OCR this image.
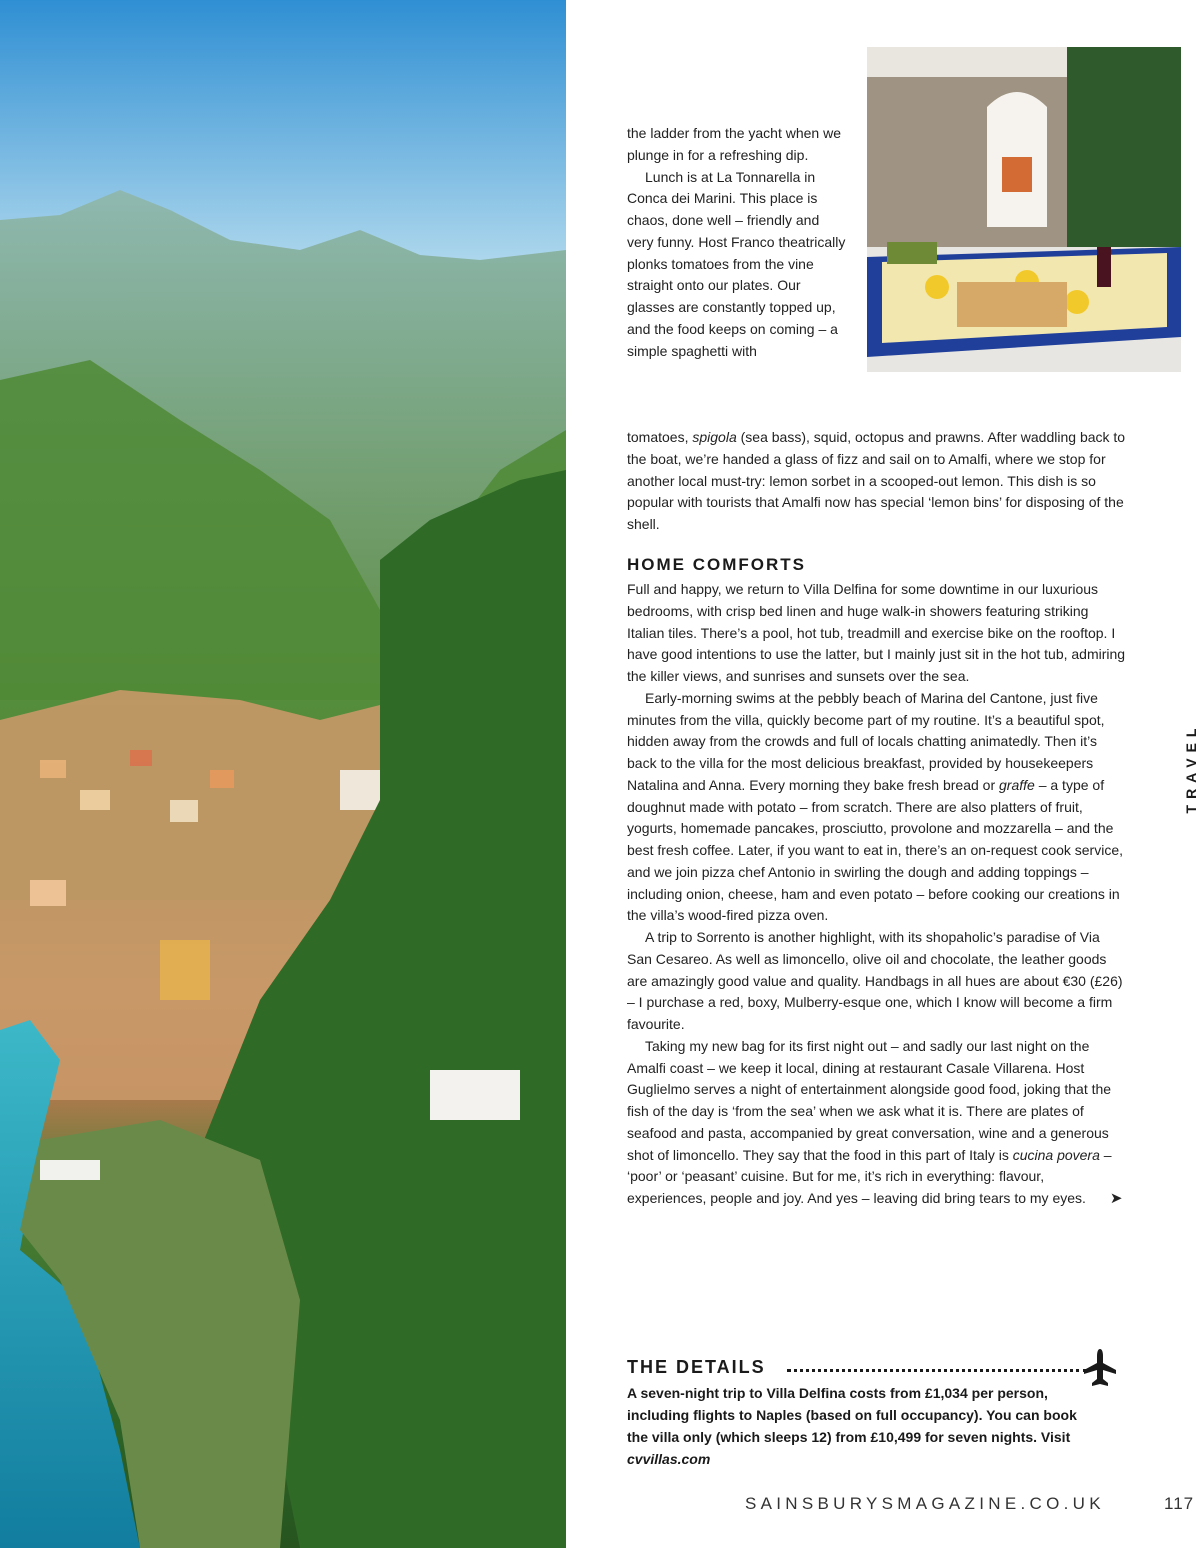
the ladder from the yacht when we plunge in for a refreshing dip.

Lunch is at La Tonnarella in Conca dei Marini. This place is chaos, done well – friendly and very funny. Host Franco theatrically plonks tomatoes from the vine straight onto our plates. Our glasses are constantly topped up, and the food keeps on coming – a simple spaghetti with

tomatoes, spigola (sea bass), squid, octopus and prawns. After waddling back to the boat, we’re handed a glass of fizz and sail on to Amalfi, where we stop for another local must-try: lemon sorbet in a scooped-out lemon. This dish is so popular with tourists that Amalfi now has special ‘lemon bins’ for disposing of the shell.

HOME COMFORTS

Full and happy, we return to Villa Delfina for some downtime in our luxurious bedrooms, with crisp bed linen and huge walk-in showers featuring striking Italian tiles. There’s a pool, hot tub, treadmill and exercise bike on the rooftop. I have good intentions to use the latter, but I mainly just sit in the hot tub, admiring the killer views, and sunrises and sunsets over the sea.

Early-morning swims at the pebbly beach of Marina del Cantone, just five minutes from the villa, quickly become part of my routine. It’s a beautiful spot, hidden away from the crowds and full of locals chatting animatedly. Then it’s back to the villa for the most delicious breakfast, provided by housekeepers Natalina and Anna. Every morning they bake fresh bread or graffe – a type of doughnut made with potato – from scratch. There are also platters of fruit, yogurts, homemade pancakes, prosciutto, provolone and mozzarella – and the best fresh coffee. Later, if you want to eat in, there’s an on-request cook service, and we join pizza chef Antonio in swirling the dough and adding toppings – including onion, cheese, ham and even potato – before cooking our creations in the villa’s wood-fired pizza oven.

A trip to Sorrento is another highlight, with its shopaholic’s paradise of Via San Cesareo. As well as limoncello, olive oil and chocolate, the leather goods are amazingly good value and quality. Handbags in all hues are about €30 (£26) – I purchase a red, boxy, Mulberry-esque one, which I know will become a firm favourite.

Taking my new bag for its first night out – and sadly our last night on the Amalfi coast – we keep it local, dining at restaurant Casale Villarena. Host Guglielmo serves a night of entertainment alongside good food, joking that the fish of the day is ‘from the sea’ when we ask what it is. There are plates of seafood and pasta, accompanied by great conversation, wine and a generous shot of limoncello. They say that the food in this part of Italy is cucina povera – ‘poor’ or ‘peasant’ cuisine. But for me, it’s rich in everything: flavour, experiences, people and joy. And yes – leaving did bring tears to my eyes. ➤

TRAVEL
THE DETAILS

A seven-night trip to Villa Delfina costs from £1,034 per person, including flights to Naples (based on full occupancy). You can book the villa only (which sleeps 12) from £10,499 for seven nights. Visit cvvillas.com

SAINSBURYSMAGAZINE.CO.UK	117
